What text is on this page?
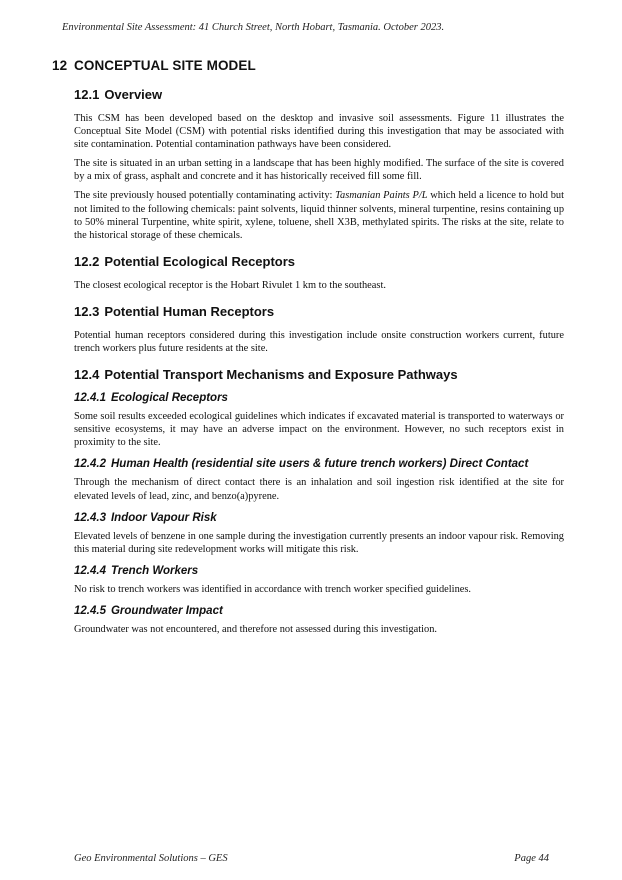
Environmental Site Assessment: 41 Church Street, North Hobart, Tasmania. October 2023.
12 CONCEPTUAL SITE MODEL
12.1 Overview

This CSM has been developed based on the desktop and invasive soil assessments. Figure 11 illustrates the Conceptual Site Model (CSM) with potential risks identified during this investigation that may be associated with site contamination. Potential contamination pathways have been considered.

The site is situated in an urban setting in a landscape that has been highly modified. The surface of the site is covered by a mix of grass, asphalt and concrete and it has historically received fill some fill.

The site previously housed potentially contaminating activity: Tasmanian Paints P/L which held a licence to hold but not limited to the following chemicals: paint solvents, liquid thinner solvents, mineral turpentine, resins containing up to 50% mineral Turpentine, white spirit, xylene, toluene, shell X3B, methylated spirits. The risks at the site, relate to the historical storage of these chemicals.

12.2 Potential Ecological Receptors

The closest ecological receptor is the Hobart Rivulet 1 km to the southeast.

12.3 Potential Human Receptors

Potential human receptors considered during this investigation include onsite construction workers current, future trench workers plus future residents at the site.

12.4 Potential Transport Mechanisms and Exposure Pathways
12.4.1 Ecological Receptors

Some soil results exceeded ecological guidelines which indicates if excavated material is transported to waterways or sensitive ecosystems, it may have an adverse impact on the environment. However, no such receptors exist in proximity to the site.

12.4.2 Human Health (residential site users & future trench workers) Direct Contact

Through the mechanism of direct contact there is an inhalation and soil ingestion risk identified at the site for elevated levels of lead, zinc, and benzo(a)pyrene.

12.4.3 Indoor Vapour Risk

Elevated levels of benzene in one sample during the investigation currently presents an indoor vapour risk. Removing this material during site redevelopment works will mitigate this risk.

12.4.4 Trench Workers

No risk to trench workers was identified in accordance with trench worker specified guidelines.

12.4.5 Groundwater Impact

Groundwater was not encountered, and therefore not assessed during this investigation.

Geo Environmental Solutions – GES	Page 44
